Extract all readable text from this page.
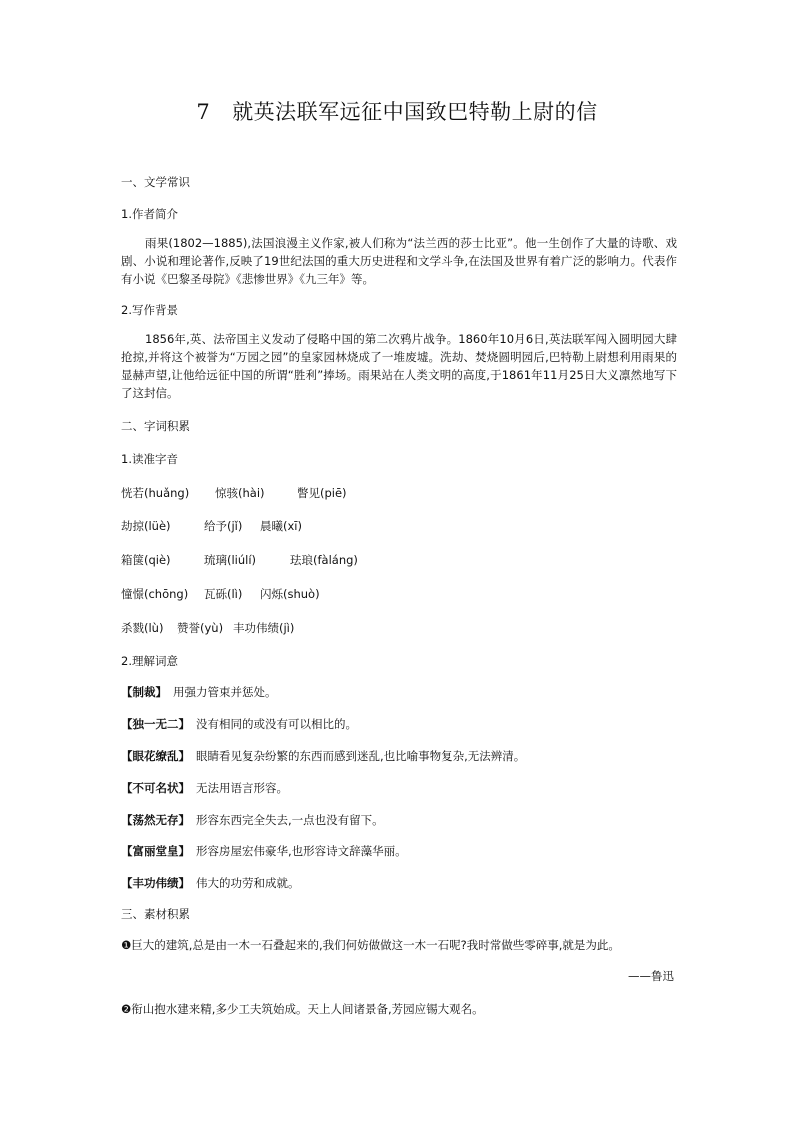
7 就英法联军远征中国致巴特勒上尉的信
一、文学常识
1.作者简介
雨果(1802—1885),法国浪漫主义作家,被人们称为“法兰西的莎士比亚”。他一生创作了大量的诗歌、戏剧、小说和理论著作,反映了19世纪法国的重大历史进程和文学斗争,在法国及世界有着广泛的影响力。代表作有小说《巴黎圣母院》《悲惨世界》《九三年》等。
2.写作背景
1856年,英、法帝国主义发动了侵略中国的第二次鸦片战争。1860年10月6日,英法联军闯入圆明园大肆抢掠,并将这个被誉为“万园之园”的皇家园林烧成了一堆废墟。洗劫、焚烧圆明园后,巴特勒上尉想利用雨果的显赫声望,让他给远征中国的所谓“胜利”捧场。雨果站在人类文明的高度,于1861年11月25日大义凛然地写下了这封信。
二、字词积累
1.读准字音
恍若(huǎng) 惊骇(hài)	瞥见(piē)
劫掠(lüè)	给予(jǐ) 晨曦(xī)
箱箧(qiè)	琉璃(liúlí)	珐琅(fàláng)
憧憬(chōng) 瓦砾(lì) 闪烁(shuò)
杀戮(lù) 赞誉(yù) 丰功伟绩(jì)
2.理解词意
【制裁】 用强力管束并惩处。
【独一无二】 没有相同的或没有可以相比的。
【眼花缭乱】 眼睛看见复杂纷繁的东西而感到迷乱,也比喻事物复杂,无法辨清。
【不可名状】 无法用语言形容。
【荡然无存】 形容东西完全失去,一点也没有留下。
【富丽堂皇】 形容房屋宏伟豪华,也形容诗文辞藻华丽。
【丰功伟绩】 伟大的功劳和成就。
三、素材积累
❶巨大的建筑,总是由一木一石叠起来的,我们何妨做做这一木一石呢?我时常做些零碎事,就是为此。
——鲁迅
❷衔山抱水建来精,多少工夫筑始成。天上人间诸景备,芳园应锡大观名。
